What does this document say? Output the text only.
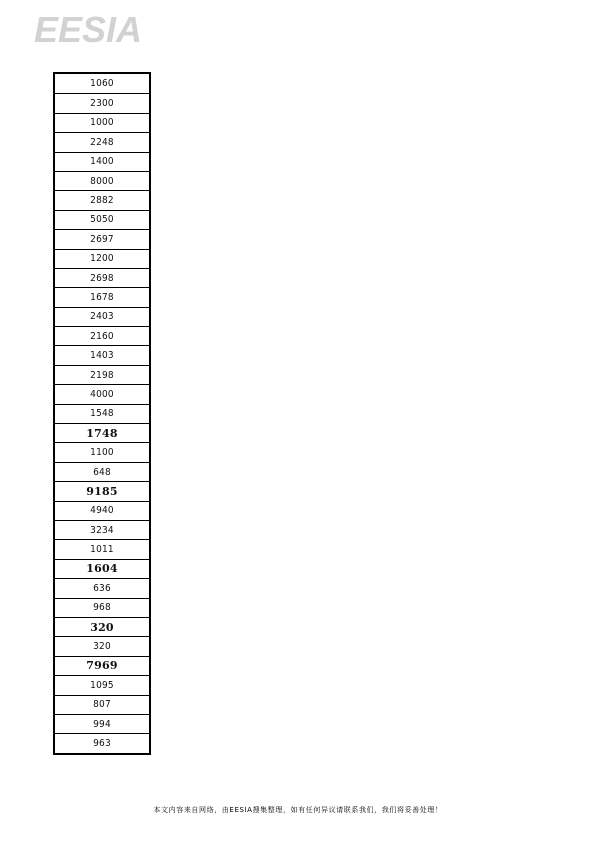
EESIA
1060
2300
1000
2248
1400
8000
2882
5050
2697
1200
2698
1678
2403
2160
1403
2198
4000
1548
1748
1100
648
9185
4940
3234
1011
1604
636
968
320
320
7969
1095
807
994
963
本文内容来自网络，由EESIA搜集整理，如有任何异议请联系我们，我们将妥善处理！
